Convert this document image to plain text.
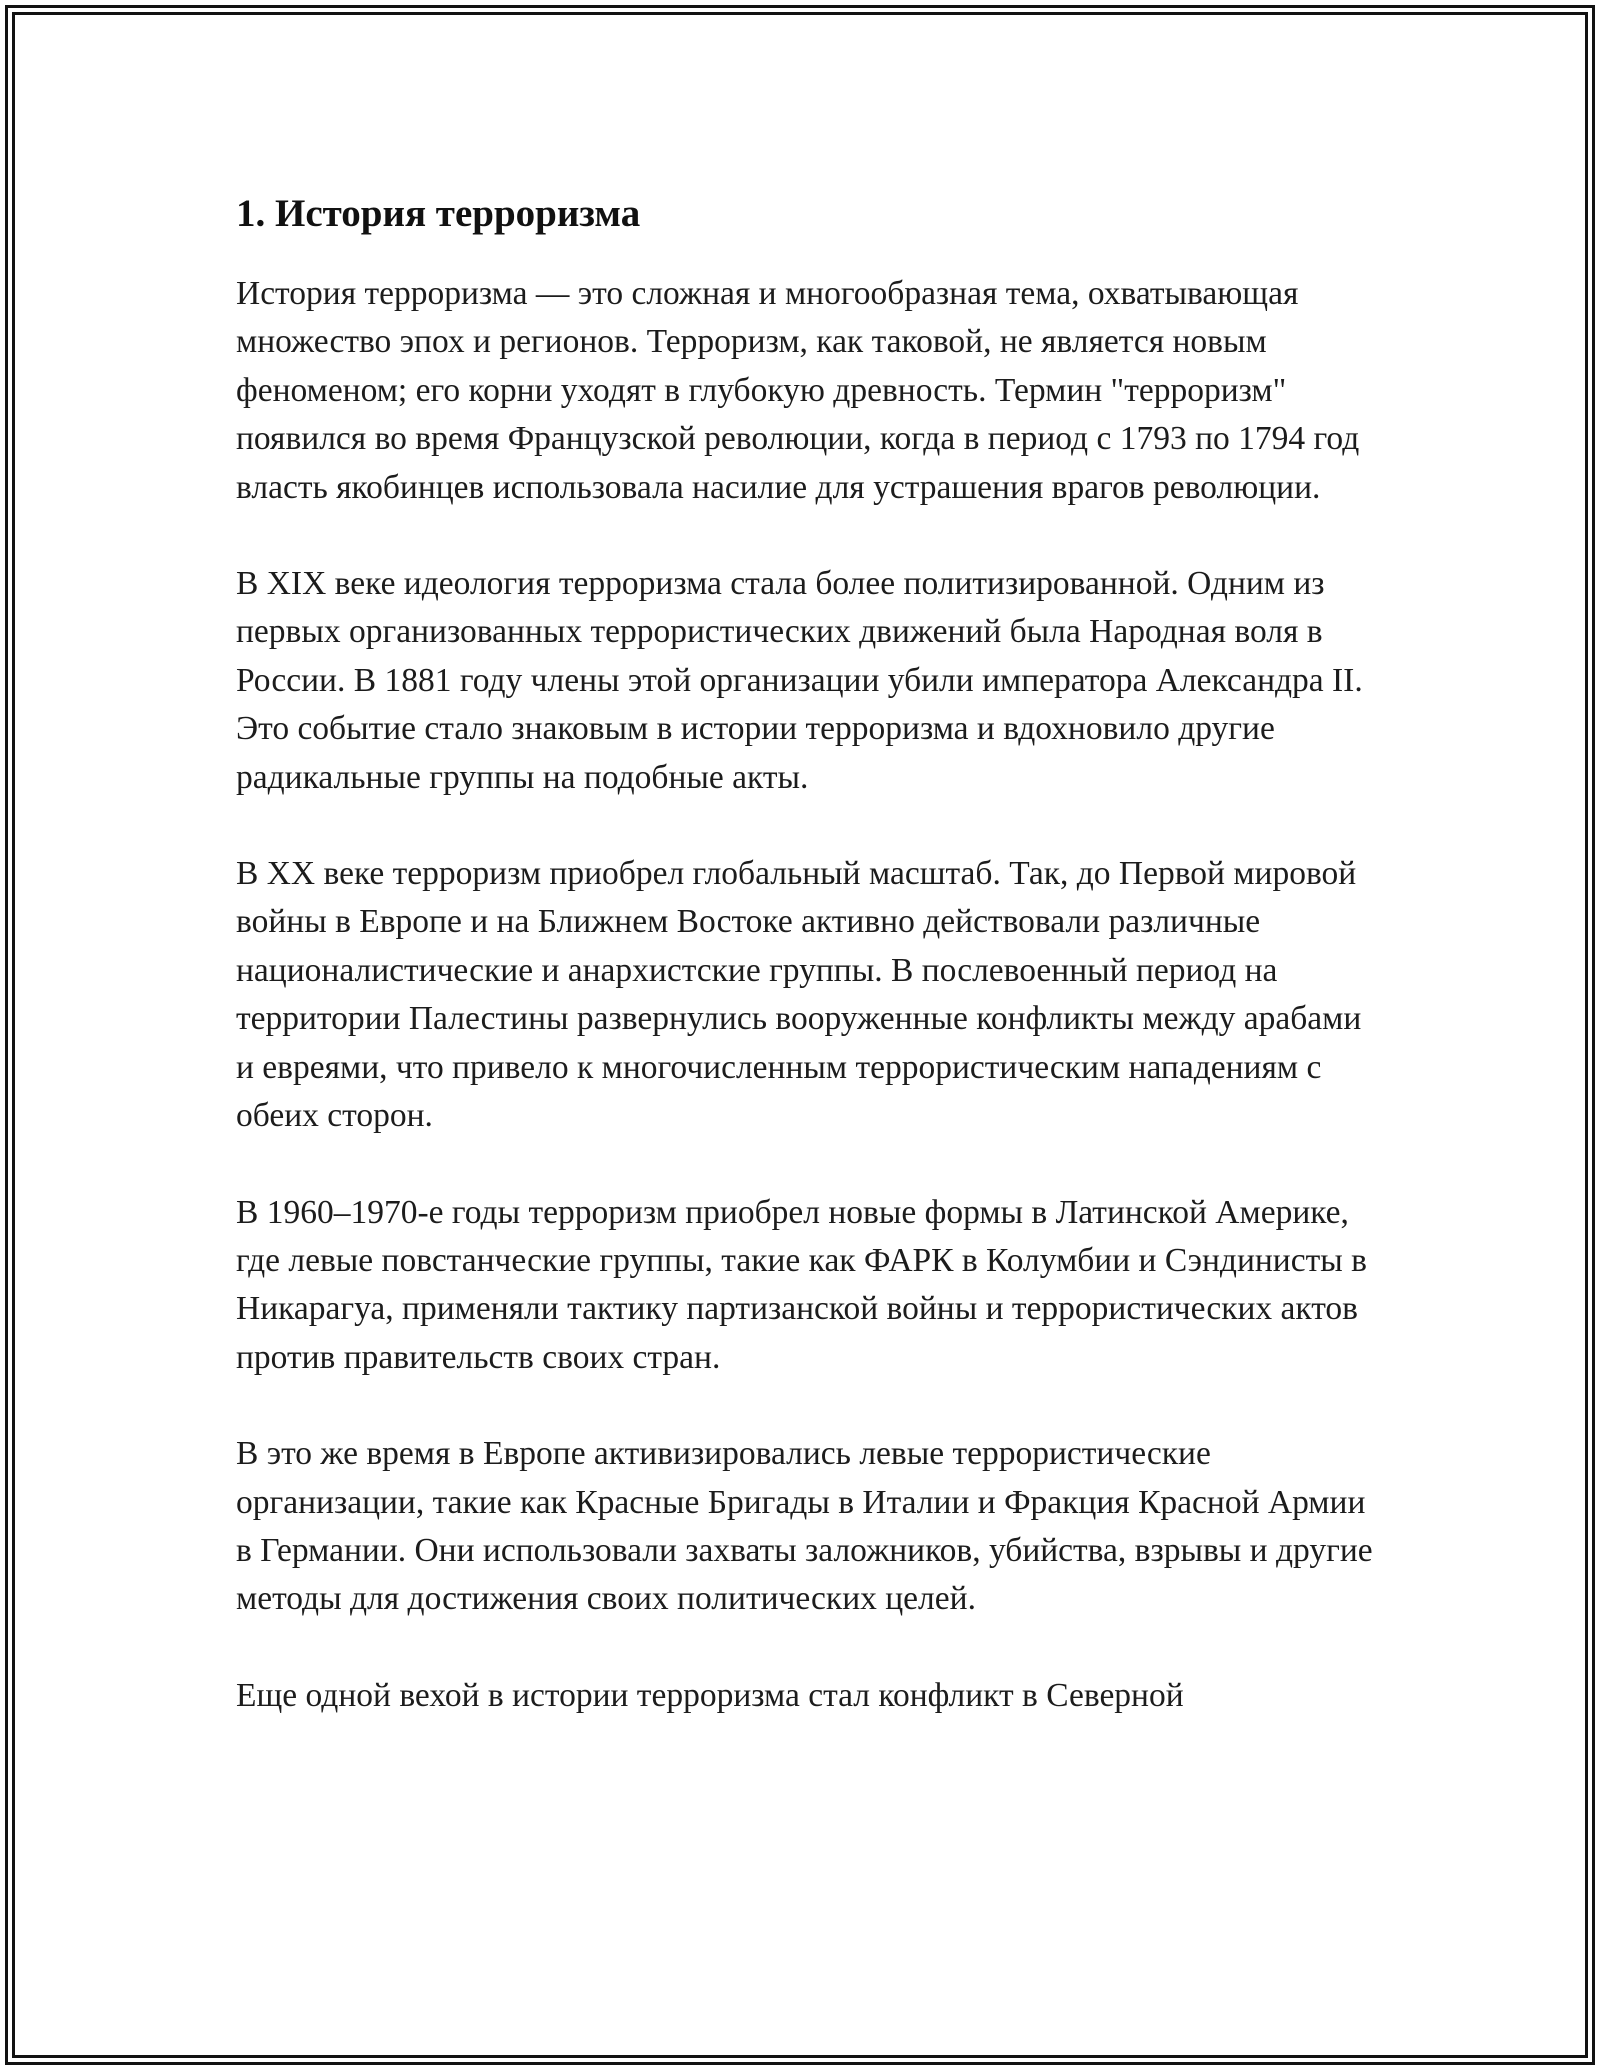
1. История терроризма

История терроризма — это сложная и многообразная тема, охватывающая множество эпох и регионов. Терроризм, как таковой, не является новым феноменом; его корни уходят в глубокую древность. Термин "терроризм" появился во время Французской революции, когда в период с 1793 по 1794 год власть якобинцев использовала насилие для устрашения врагов революции.

В XIX веке идеология терроризма стала более политизированной. Одним из первых организованных террористических движений была Народная воля в России. В 1881 году члены этой организации убили императора Александра II. Это событие стало знаковым в истории терроризма и вдохновило другие радикальные группы на подобные акты.

В XX веке терроризм приобрел глобальный масштаб. Так, до Первой мировой войны в Европе и на Ближнем Востоке активно действовали различные националистические и анархистские группы. В послевоенный период на территории Палестины развернулись вооруженные конфликты между арабами и евреями, что привело к многочисленным террористическим нападениям с обеих сторон.

В 1960–1970-е годы терроризм приобрел новые формы в Латинской Америке, где левые повстанческие группы, такие как ФАРК в Колумбии и Сэндинисты в Никарагуа, применяли тактику партизанской войны и террористических актов против правительств своих стран.

В это же время в Европе активизировались левые террористические организации, такие как Красные Бригады в Италии и Фракция Красной Армии в Германии. Они использовали захваты заложников, убийства, взрывы и другие методы для достижения своих политических целей.

Еще одной вехой в истории терроризма стал конфликт в Северной
